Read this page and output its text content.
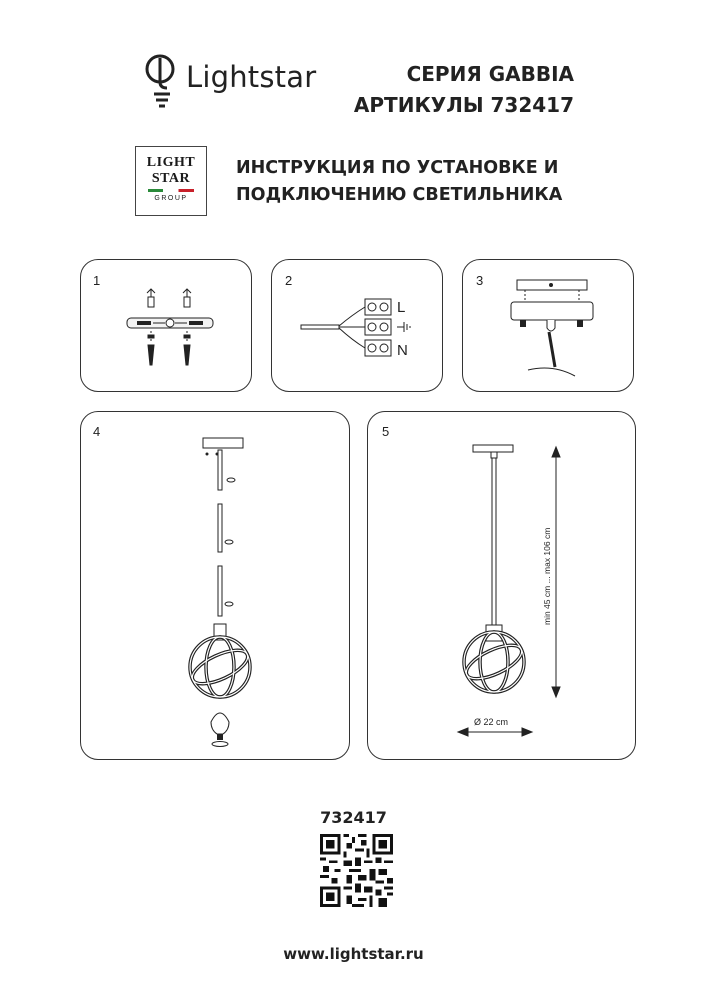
Lightstar	СЕРИЯ GABBIA
АРТИКУЛЫ 732417
LIGHT
STAR
GROUP
ИНСТРУКЦИЯ ПО УСТАНОВКЕ И
ПОДКЛЮЧЕНИЮ СВЕТИЛЬНИКА
1	2
L
N
3
4	5
min 45 cm ... max 106 cm
Ø 22 cm
732417
www.lightstar.ru
